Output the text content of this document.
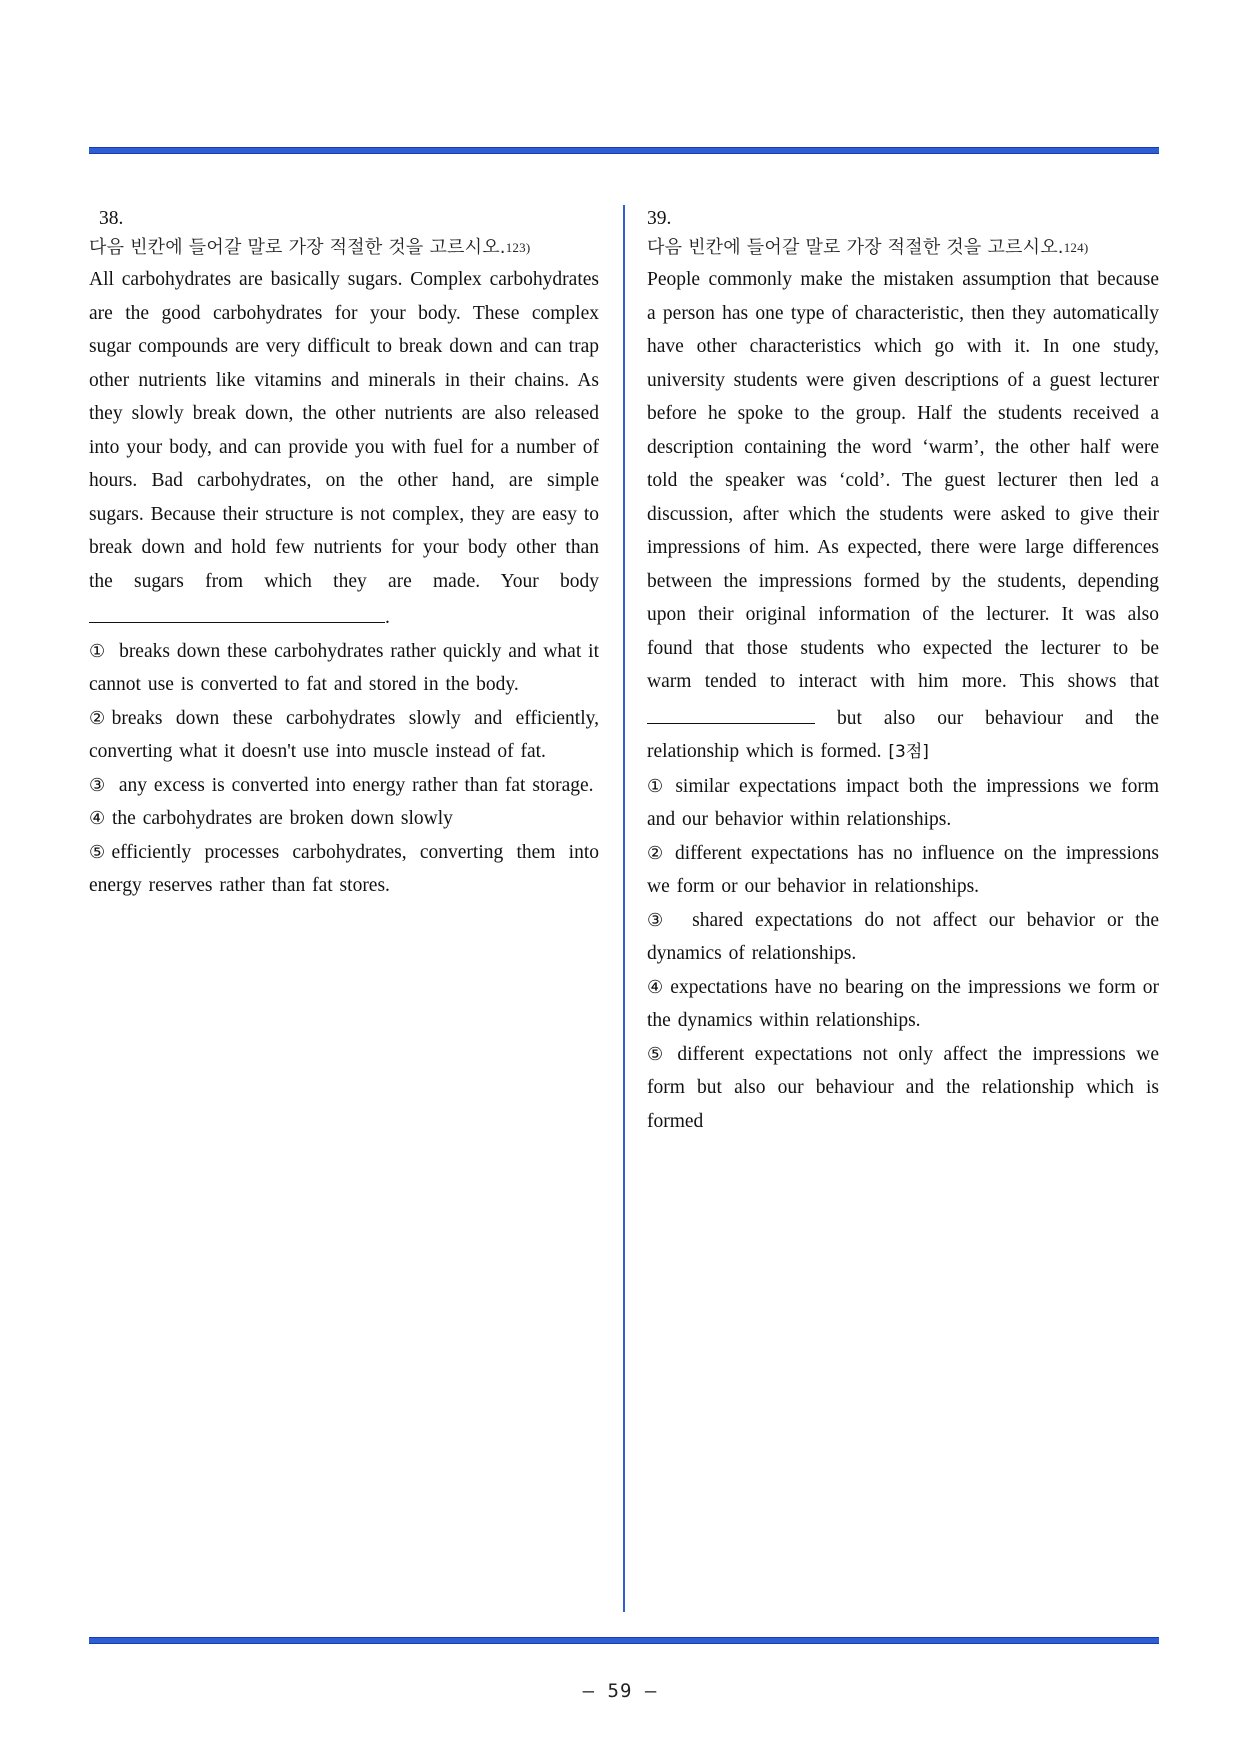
38.
다음 빈칸에 들어갈 말로 가장 적절한 것을 고르시오.123)

All carbohydrates are basically sugars. Complex carbohydrates are the good carbohydrates for your body. These complex sugar compounds are very difficult to break down and can trap other nutrients like vitamins and minerals in their chains. As they slowly break down, the other nutrients are also released into your body, and can provide you with fuel for a number of hours. Bad carbohydrates, on the other hand, are simple sugars. Because their structure is not complex, they are easy to break down and hold few nutrients for your body other than the sugars from which they are made. Your body .

① breaks down these carbohydrates rather quickly and what it cannot use is converted to fat and stored in the body.

②breaks down these carbohydrates slowly and efficiently, converting what it doesn't use into muscle instead of fat.

③ any excess is converted into energy rather than fat storage.

④ the carbohydrates are broken down slowly

⑤efficiently processes carbohydrates, converting them into energy reserves rather than fat stores.

39.
다음 빈칸에 들어갈 말로 가장 적절한 것을 고르시오.124)

People commonly make the mistaken assumption that because a person has one type of characteristic, then they automatically have other characteristics which go with it. In one study, university students were given descriptions of a guest lecturer before he spoke to the group. Half the students received a description containing the word ‘warm’, the other half were told the speaker was ‘cold’. The guest lecturer then led a discussion, after which the students were asked to give their impressions of him. As expected, there were large differences between the impressions formed by the students, depending upon their original information of the lecturer. It was also found that those students who expected the lecturer to be warm tended to interact with him more. This shows that  but also our behaviour and the relationship which is formed. [3점]

① similar expectations impact both the impressions we form and our behavior within relationships.

② different expectations has no influence on the impressions we form or our behavior in relationships.

③ shared expectations do not affect our behavior or the dynamics of relationships.

④ expectations have no bearing on the impressions we form or the dynamics within relationships.

⑤ different expectations not only affect the impressions we form but also our behaviour and the relationship which is formed

– 59 –
